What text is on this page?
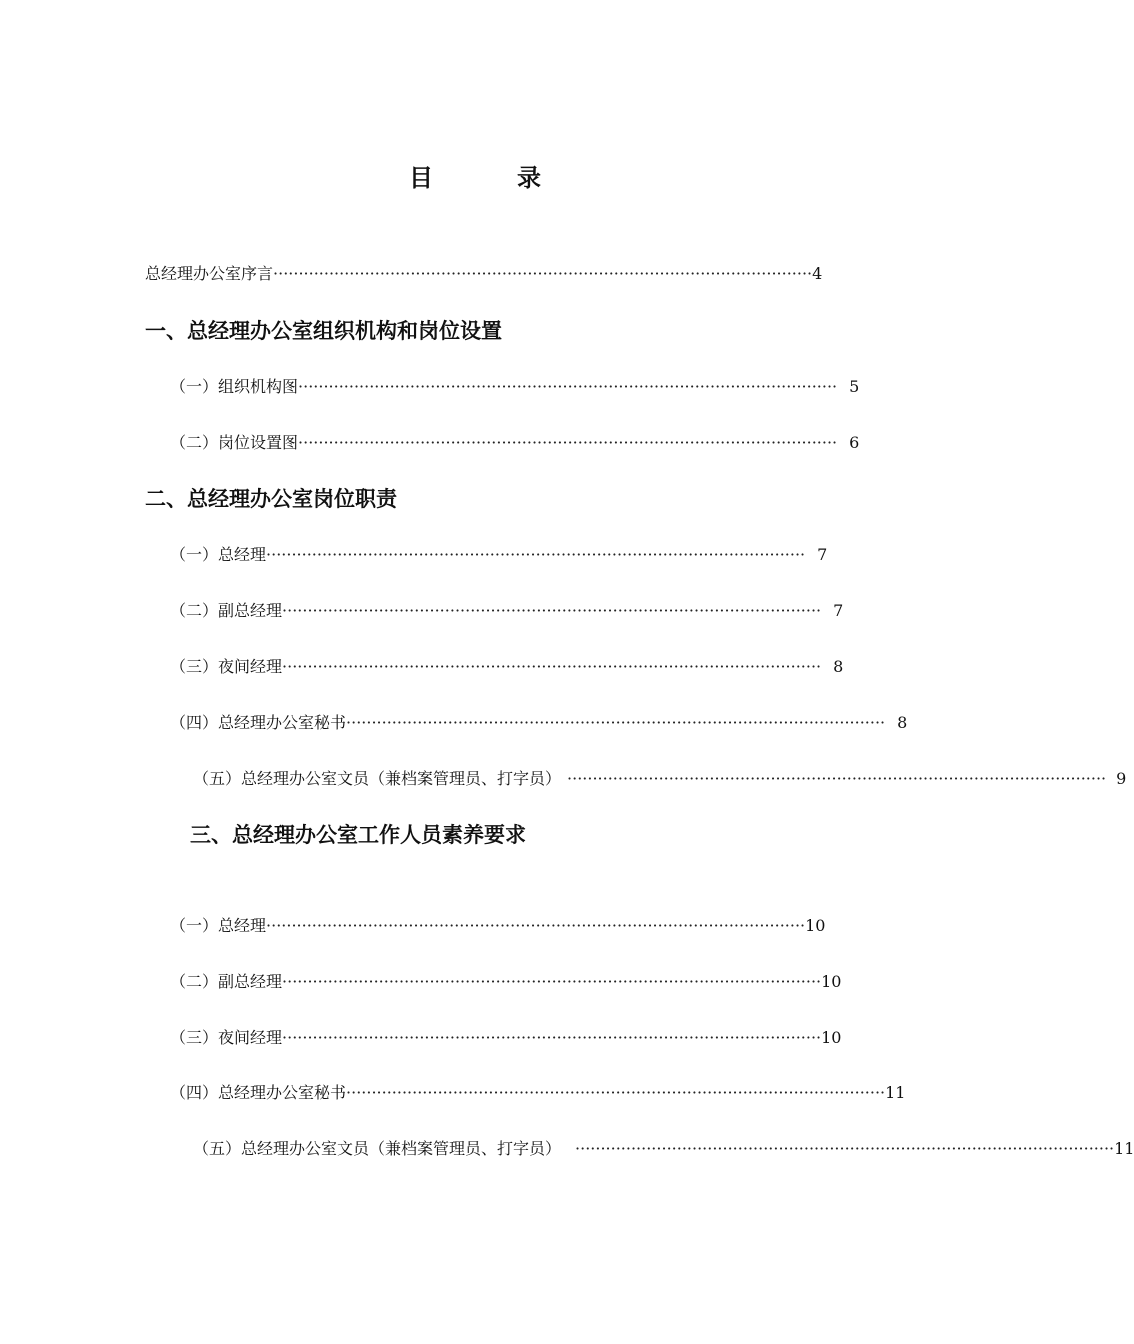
目　录
总经理办公室序言 ·········································································································· 4
一、总经理办公室组织机构和岗位设置
（一）组织机构图 ·········································································································· 5
（二）岗位设置图 ·········································································································· 6
二、总经理办公室岗位职责
（一）总经理 ·········································································································· 7
（二）副总经理 ·········································································································· 7
（三）夜间经理 ·········································································································· 8
（四）总经理办公室秘书 ·········································································································· 8
（五）总经理办公室文员（兼档案管理员、打字员） ·········································································································· 9
三、总经理办公室工作人员素养要求
（一）总经理 ·········································································································· 10
（二）副总经理 ·········································································································· 10
（三）夜间经理 ·········································································································· 10
（四）总经理办公室秘书 ·········································································································· 11
（五）总经理办公室文员（兼档案管理员、打字员） ·········································································································· 11
